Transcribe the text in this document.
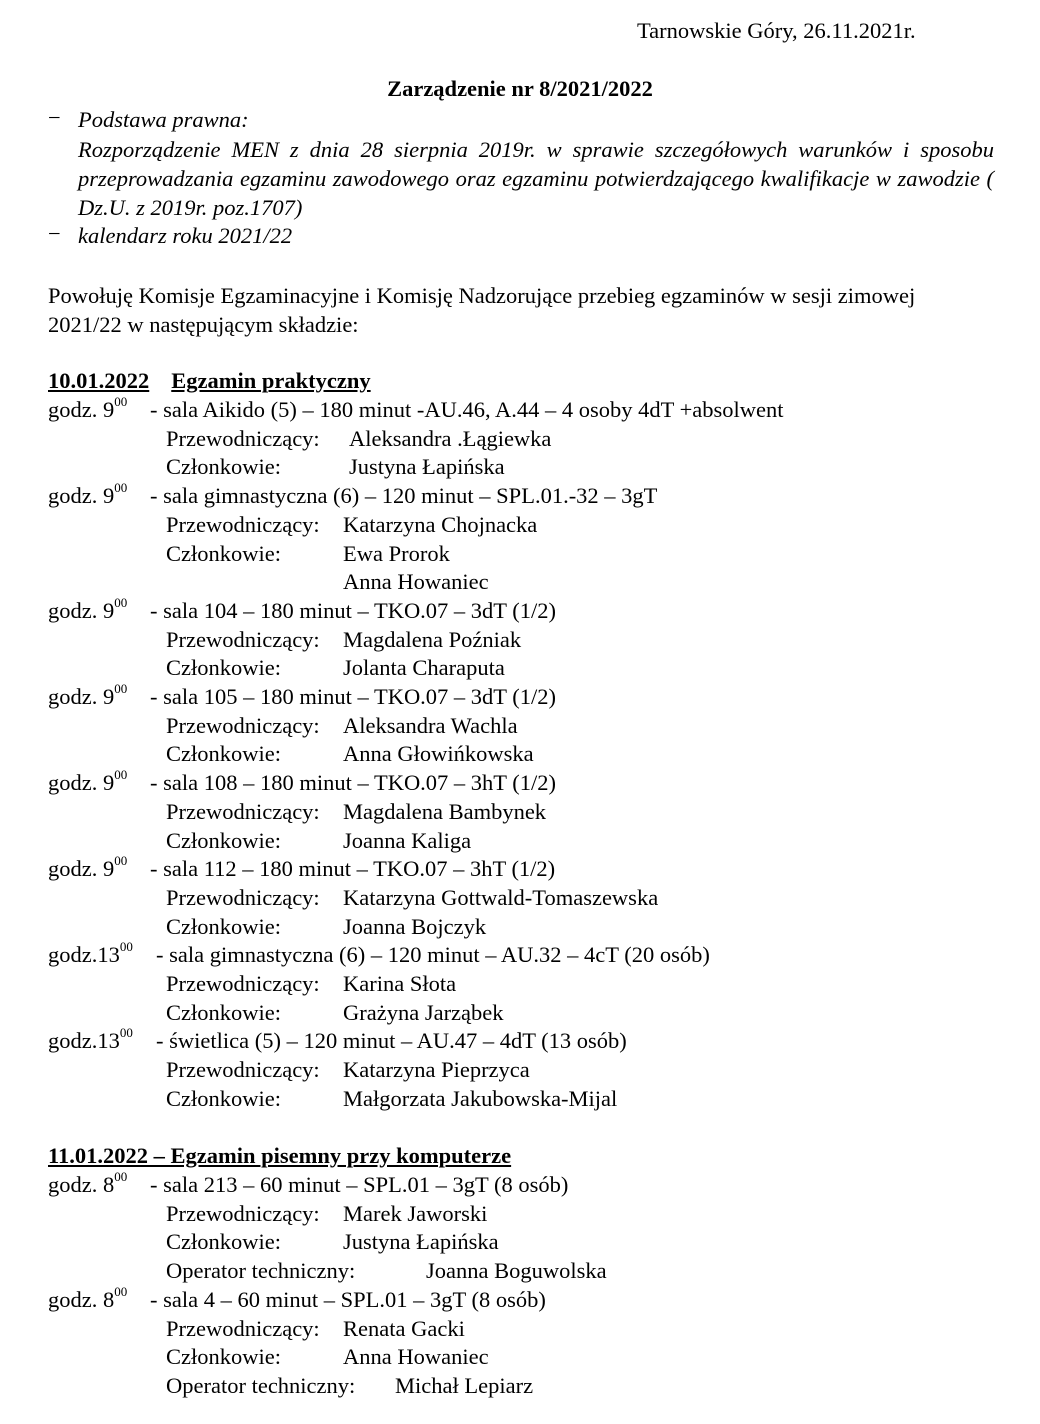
Tarnowskie Góry, 26.11.2021r.
Zarządzenie nr 8/2021/2022
− Podstawa prawna:
Rozporządzenie MEN z dnia 28 sierpnia 2019r. w sprawie szczegółowych warunków i sposobu przeprowadzania egzaminu zawodowego oraz egzaminu potwierdzającego kwalifikacje w zawodzie ( Dz.U. z 2019r. poz.1707)
− kalendarz roku 2021/22
Powołuję Komisje Egzaminacyjne i Komisję Nadzorujące przebieg egzaminów w sesji zimowej 2021/22 w następującym składzie:
10.01.2022 Egzamin praktyczny
godz. $9^{00}$ - sala Aikido (5) – 180 minut -AU.46, A.44 – 4 osoby 4dT +absolwent
Przewodniczący: Aleksandra .Łągiewka
Członkowie:	Justyna Łapińska
godz. $9^{00}$ - sala gimnastyczna (6) – 120 minut – SPL.01.-32 – 3gT
Przewodniczący: Katarzyna Chojnacka
Członkowie:	Ewa Prorok
Anna Howaniec
godz. $9^{00}$ - sala 104 – 180 minut – TKO.07 – 3dT (1/2)
Przewodniczący: Magdalena Poźniak
Członkowie:	Jolanta Charaputa
godz. $9^{00}$ - sala 105 – 180 minut – TKO.07 – 3dT (1/2)
Przewodniczący: Aleksandra Wachla
Członkowie:	Anna Głowińkowska
godz. $9^{00}$ - sala 108 – 180 minut – TKO.07 – 3hT (1/2)
Przewodniczący: Magdalena Bambynek
Członkowie:	Joanna Kaliga
godz. $9^{00}$ - sala 112 – 180 minut – TKO.07 – 3hT (1/2)
Przewodniczący: Katarzyna Gottwald-Tomaszewska
Członkowie:	Joanna Bojczyk
$godz.13^{00}$ - sala gimnastyczna (6) – 120 minut – AU.32 – 4cT (20 osób)
Przewodniczący: Karina Słota
Członkowie:	Grażyna Jarząbek
$godz.13^{00}$ - świetlica (5) – 120 minut – AU.47 – 4dT (13 osób)
Przewodniczący: Katarzyna Pieprzyca
Członkowie:	Małgorzata Jakubowska-Mijal
11.01.2022 – Egzamin pisemny przy komputerze
godz. $8^{00}$ - sala 213 – 60 minut – SPL.01 – 3gT (8 osób)
Przewodniczący: Marek Jaworski
Członkowie:	Justyna Łapińska
Operator techniczny:	Joanna Boguwolska
godz. $8^{00}$ - sala 4 – 60 minut – SPL.01 – 3gT (8 osób)
Przewodniczący: Renata Gacki
Członkowie:	Anna Howaniec
Operator techniczny: Michał Lepiarz
